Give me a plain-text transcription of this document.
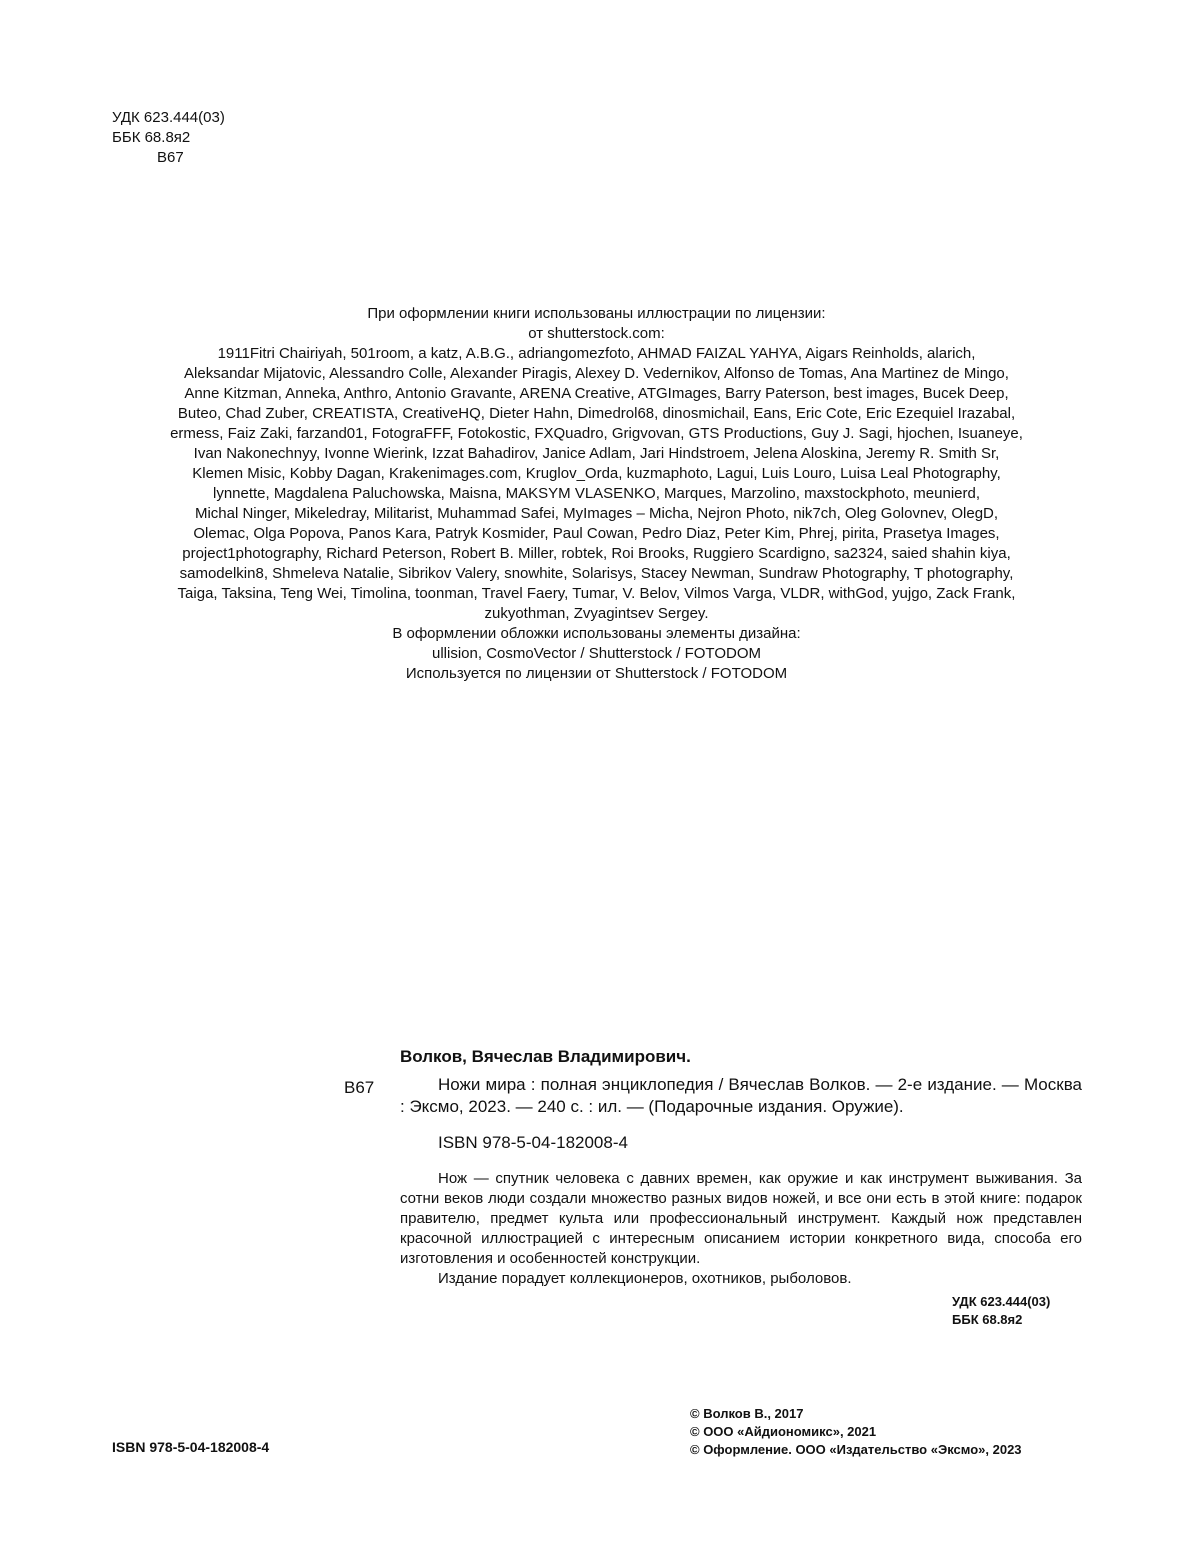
УДК 623.444(03)
ББК 68.8я2
В67
При оформлении книги использованы иллюстрации по лицензии:
от shutterstock.com:
1911Fitri Chairiyah, 501room, a katz, A.B.G., adriangomezfoto, AHMAD FAIZAL YAHYA, Aigars Reinholds, alarich,
Aleksandar Mijatovic, Alessandro Colle, Alexander Piragis, Alexey D. Vedernikov, Alfonso de Tomas, Ana Martinez de Mingo,
Anne Kitzman, Anneka, Anthro, Antonio Gravante, ARENA Creative, ATGImages, Barry Paterson, best images, Bucek Deep,
Buteo, Chad Zuber, CREATISTA, CreativeHQ, Dieter Hahn, Dimedrol68, dinosmichail, Eans, Eric Cote, Eric Ezequiel Irazabal,
ermess, Faiz Zaki, farzand01, FotograFFF, Fotokostic, FXQuadro, Grigvovan, GTS Productions, Guy J. Sagi, hjochen, Isuaneye,
Ivan Nakonechnyy, Ivonne Wierink, Izzat Bahadirov, Janice Adlam, Jari Hindstroem, Jelena Aloskina, Jeremy R. Smith Sr,
Klemen Misic, Kobby Dagan, Krakenimages.com, Kruglov_Orda, kuzmaphoto, Lagui, Luis Louro, Luisa Leal Photography,
lynnette, Magdalena Paluchowska, Maisna, MAKSYM VLASENKO, Marques, Marzolino, maxstockphoto, meunierd,
Michal Ninger, Mikeledray, Militarist, Muhammad Safei, MyImages – Micha, Nejron Photo, nik7ch, Oleg Golovnev, OlegD,
Olemac, Olga Popova, Panos Kara, Patryk Kosmider, Paul Cowan, Pedro Diaz, Peter Kim, Phrej, pirita, Prasetya Images,
project1photography, Richard Peterson, Robert B. Miller, robtek, Roi Brooks, Ruggiero Scardigno, sa2324, saied shahin kiya,
samodelkin8, Shmeleva Natalie, Sibrikov Valery, snowhite, Solarisys, Stacey Newman, Sundraw Photography, T photography,
Taiga, Taksina, Teng Wei, Timolina, toonman, Travel Faery, Tumar, V. Belov, Vilmos Varga, VLDR, withGod, yujgo, Zack Frank,
zukyothman, Zvyagintsev Sergey.
В оформлении обложки использованы элементы дизайна:
ullision, CosmoVector / Shutterstock / FOTODOM
Используется по лицензии от Shutterstock / FOTODOM
В67
Волков, Вячеслав Владимирович.
Ножи мира : полная энциклопедия / Вячеслав Волков. — 2-е издание. — Москва : Эксмо, 2023. — 240 с. : ил. — (Подарочные издания. Оружие).
ISBN 978-5-04-182008-4

Нож — спутник человека с давних времен, как оружие и как инструмент выживания. За сотни веков люди создали множество разных видов ножей, и все они есть в этой книге: подарок правителю, предмет культа или профессиональный инструмент. Каждый нож представлен красочной иллюстрацией с интересным описанием истории конкретного вида, способа его изготовления и особенностей конструкции.

Издание порадует коллекционеров, охотников, рыболовов.

УДК 623.444(03)
ББК 68.8я2
ISBN 978-5-04-182008-4
© Волков В., 2017
© ООО «Айдиономикс», 2021
© Оформление. ООО «Издательство «Эксмо», 2023
